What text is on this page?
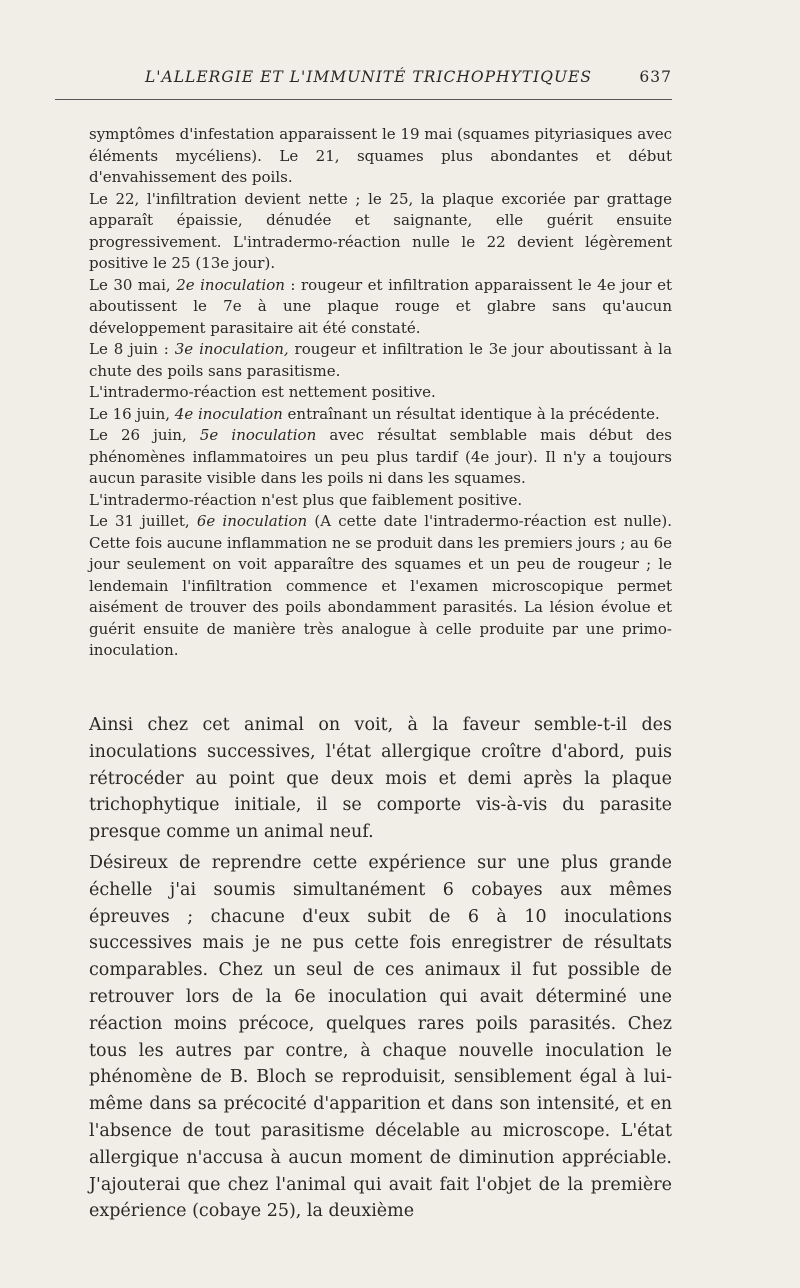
L'ALLERGIE ET L'IMMUNITÉ TRICHOPHYTIQUES	637

symptômes d'infestation apparaissent le 19 mai (squames pityriasiques avec éléments mycéliens). Le 21, squames plus abondantes et début d'envahissement des poils.

Le 22, l'infiltration devient nette ; le 25, la plaque excoriée par grattage apparaît épaissie, dénudée et saignante, elle guérit ensuite progressivement. L'intradermo-réaction nulle le 22 devient légèrement positive le 25 (13e jour).

Le 30 mai, 2e inoculation : rougeur et infiltration apparaissent le 4e jour et aboutissent le 7e à une plaque rouge et glabre sans qu'aucun développement parasitaire ait été constaté.

Le 8 juin : 3e inoculation, rougeur et infiltration le 3e jour aboutissant à la chute des poils sans parasitisme.

L'intradermo-réaction est nettement positive.

Le 16 juin, 4e inoculation entraînant un résultat identique à la précédente.

Le 26 juin, 5e inoculation avec résultat semblable mais début des phénomènes inflammatoires un peu plus tardif (4e jour). Il n'y a toujours aucun parasite visible dans les poils ni dans les squames.

L'intradermo-réaction n'est plus que faiblement positive.

Le 31 juillet, 6e inoculation (A cette date l'intradermo-réaction est nulle). Cette fois aucune inflammation ne se produit dans les premiers jours ; au 6e jour seulement on voit apparaître des squames et un peu de rougeur ; le lendemain l'infiltration commence et l'examen microscopique permet aisément de trouver des poils abondamment parasités. La lésion évolue et guérit ensuite de manière très analogue à celle produite par une primo-inoculation.

Ainsi chez cet animal on voit, à la faveur semble-t-il des inoculations successives, l'état allergique croître d'abord, puis rétrocéder au point que deux mois et demi après la plaque trichophytique initiale, il se comporte vis-à-vis du parasite presque comme un animal neuf.

Désireux de reprendre cette expérience sur une plus grande échelle j'ai soumis simultanément 6 cobayes aux mêmes épreuves ; chacune d'eux subit de 6 à 10 inoculations successives mais je ne pus cette fois enregistrer de résultats comparables. Chez un seul de ces animaux il fut possible de retrouver lors de la 6e inoculation qui avait déterminé une réaction moins précoce, quelques rares poils parasités. Chez tous les autres par contre, à chaque nouvelle inoculation le phénomène de B. Bloch se reproduisit, sensiblement égal à lui-même dans sa précocité d'apparition et dans son intensité, et en l'absence de tout parasitisme décelable au microscope. L'état allergique n'accusa à aucun moment de diminution appréciable. J'ajouterai que chez l'animal qui avait fait l'objet de la première expérience (cobaye 25), la deuxième
